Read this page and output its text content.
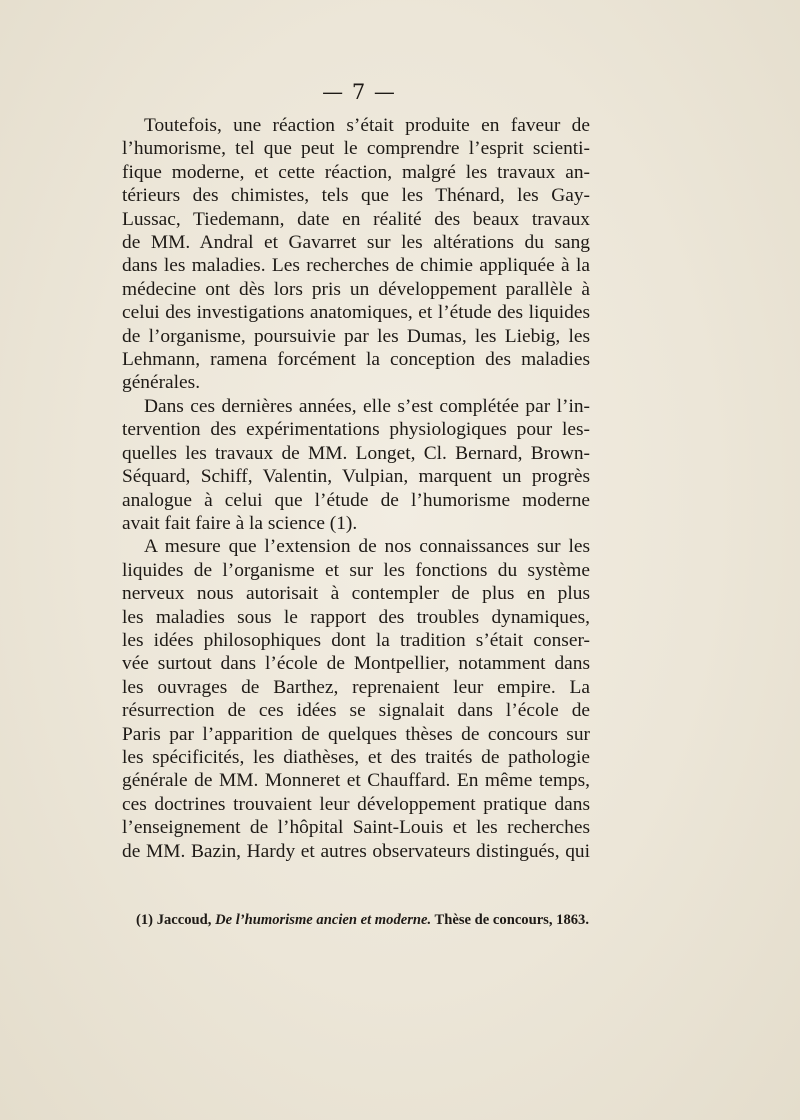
— 7 —
Toutefois, une réaction s’était produite en faveur de
l’humorisme, tel que peut le comprendre l’esprit scienti-
fique moderne, et cette réaction, malgré les travaux an-
térieurs des chimistes, tels que les Thénard, les Gay-
Lussac, Tiedemann, date en réalité des beaux travaux
de MM. Andral et Gavarret sur les altérations du sang
dans les maladies. Les recherches de chimie appliquée à la
médecine ont dès lors pris un développement parallèle à
celui des investigations anatomiques, et l’étude des liquides
de l’organisme, poursuivie par les Dumas, les Liebig, les
Lehmann, ramena forcément la conception des maladies
générales.
Dans ces dernières années, elle s’est complétée par l’in-
tervention des expérimentations physiologiques pour les-
quelles les travaux de MM. Longet, Cl. Bernard, Brown-
Séquard, Schiff, Valentin, Vulpian, marquent un progrès
analogue à celui que l’étude de l’humorisme moderne
avait fait faire à la science (1).
A mesure que l’extension de nos connaissances sur les
liquides de l’organisme et sur les fonctions du système
nerveux nous autorisait à contempler de plus en plus
les maladies sous le rapport des troubles dynamiques,
les idées philosophiques dont la tradition s’était conser-
vée surtout dans l’école de Montpellier, notamment dans
les ouvrages de Barthez, reprenaient leur empire. La
résurrection de ces idées se signalait dans l’école de
Paris par l’apparition de quelques thèses de concours sur
les spécificités, les diathèses, et des traités de pathologie
générale de MM. Monneret et Chauffard. En même temps,
ces doctrines trouvaient leur développement pratique dans
l’enseignement de l’hôpital Saint-Louis et les recherches
de MM. Bazin, Hardy et autres observateurs distingués, qui
(1) Jaccoud, De l’humorisme ancien et moderne. Thèse de concours, 1863.
